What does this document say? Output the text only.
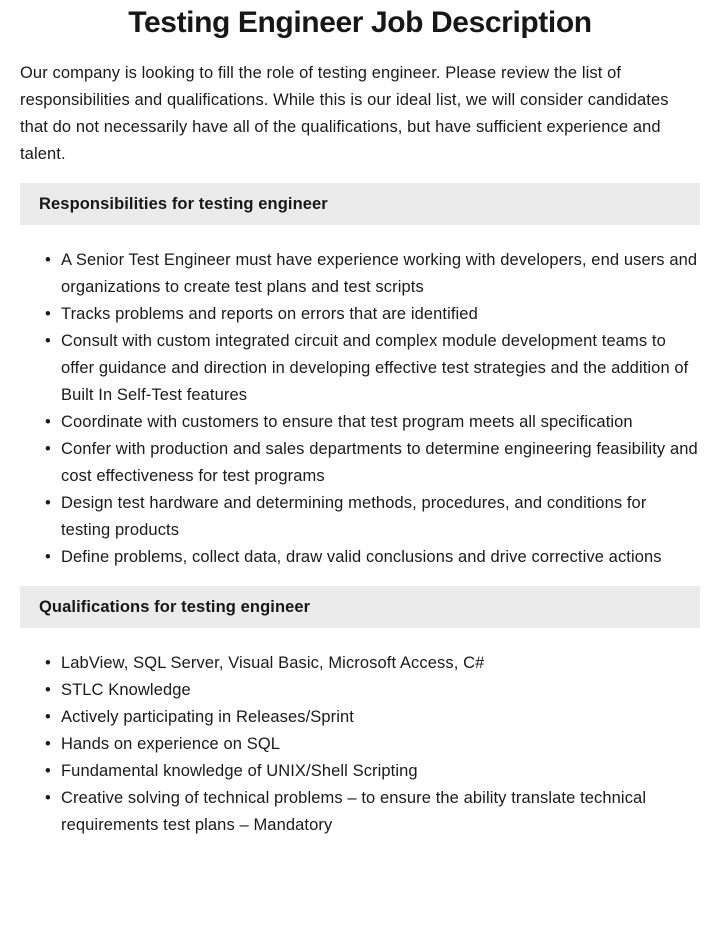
Testing Engineer Job Description

Our company is looking to fill the role of testing engineer. Please review the list of responsibilities and qualifications. While this is our ideal list, we will consider candidates that do not necessarily have all of the qualifications, but have sufficient experience and talent.

Responsibilities for testing engineer
• A Senior Test Engineer must have experience working with developers, end users and organizations to create test plans and test scripts
• Tracks problems and reports on errors that are identified
• Consult with custom integrated circuit and complex module development teams to offer guidance and direction in developing effective test strategies and the addition of Built In Self-Test features
• Coordinate with customers to ensure that test program meets all specification
• Confer with production and sales departments to determine engineering feasibility and cost effectiveness for test programs
• Design test hardware and determining methods, procedures, and conditions for testing products
• Define problems, collect data, draw valid conclusions and drive corrective actions
Qualifications for testing engineer
• LabView, SQL Server, Visual Basic, Microsoft Access, C#
• STLC Knowledge
• Actively participating in Releases/Sprint
• Hands on experience on SQL
• Fundamental knowledge of UNIX/Shell Scripting
• Creative solving of technical problems – to ensure the ability translate technical requirements test plans – Mandatory
